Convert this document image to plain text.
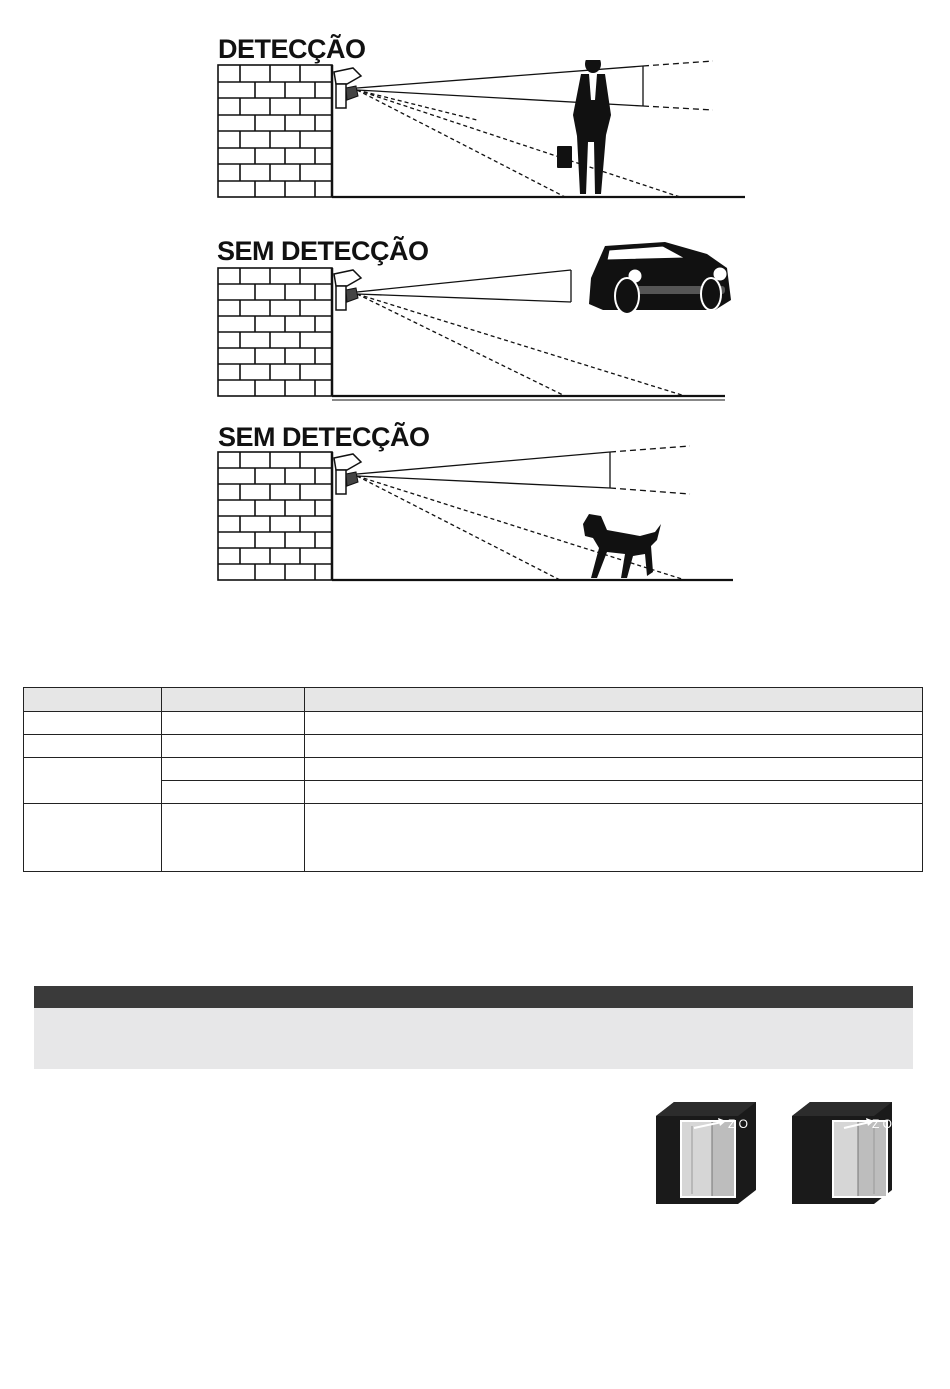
DETECÇÃO
SEM DETECÇÃO
SEM DETECÇÃO

Z O	Z O
